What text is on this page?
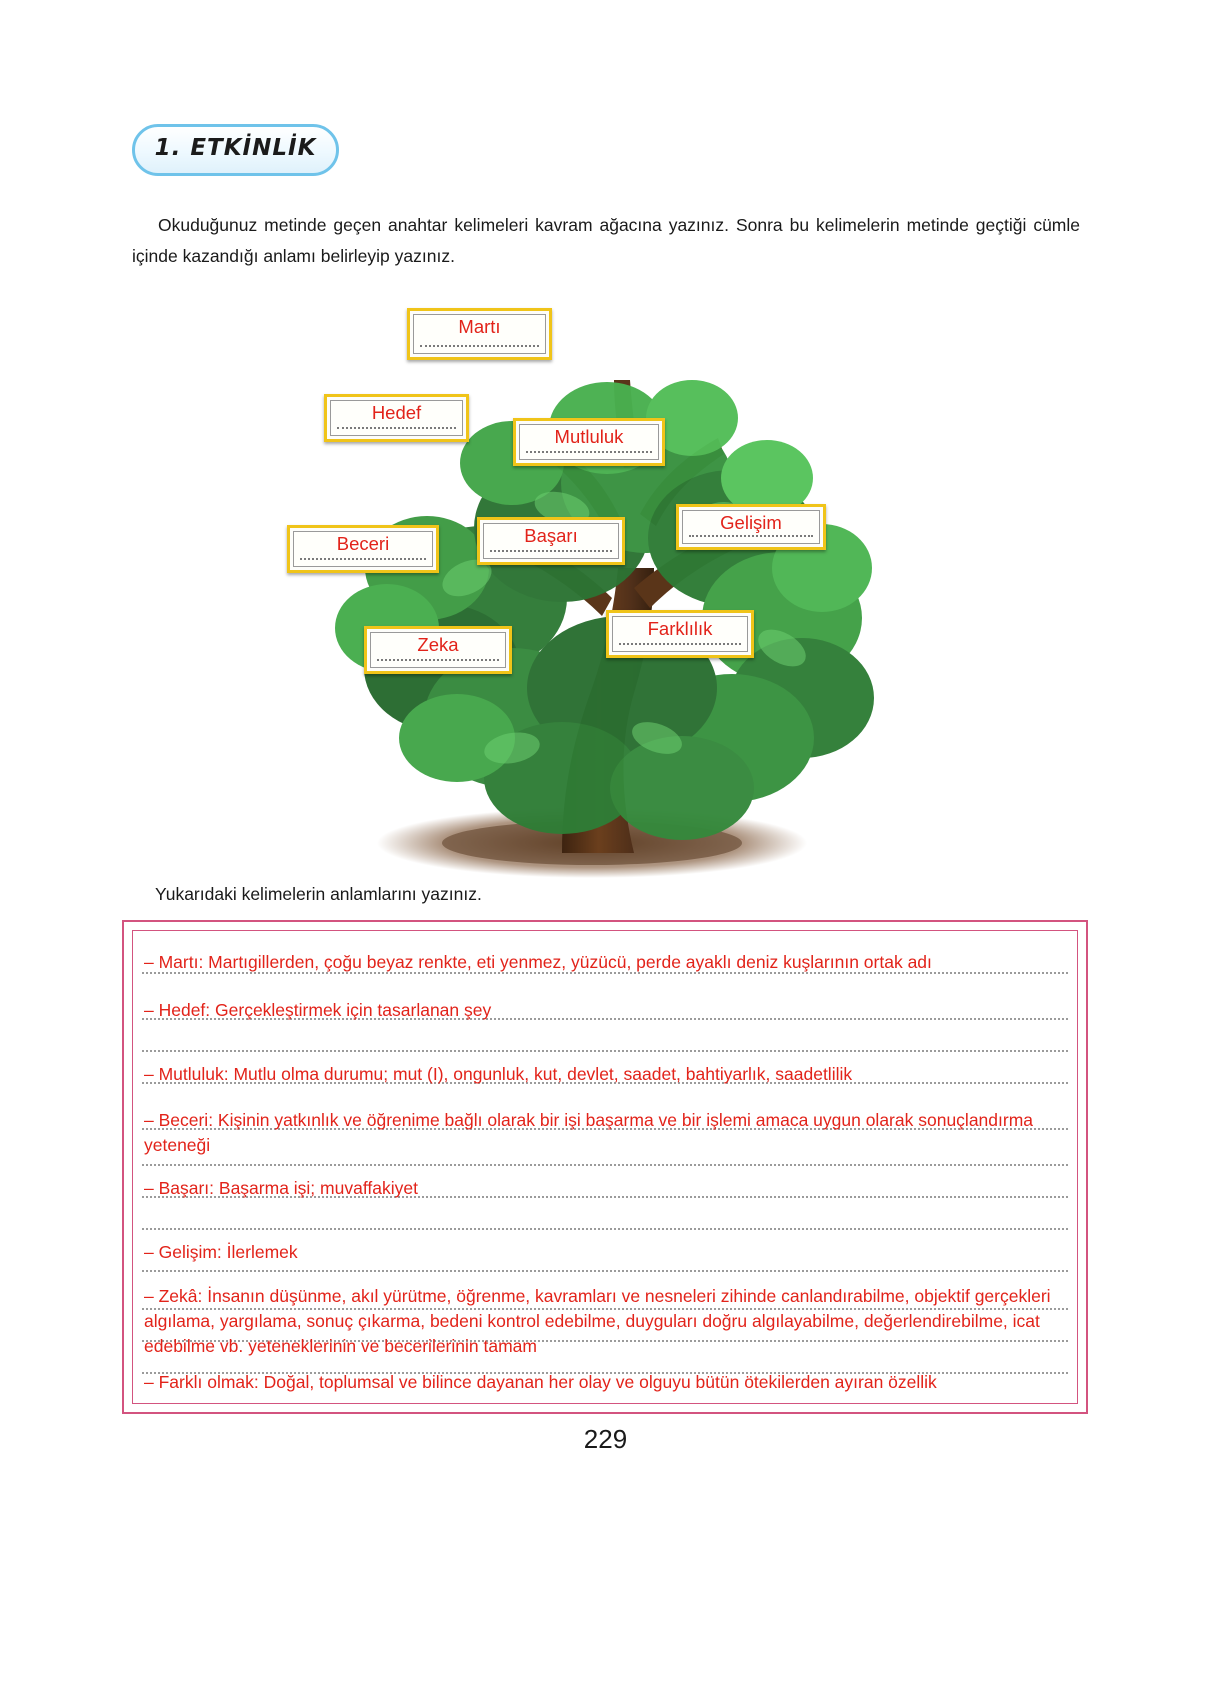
1. ETKİNLİK

Okuduğunuz metinde geçen anahtar kelimeleri kavram ağacına yazınız. Sonra bu kelimelerin metinde geçtiği cümle içinde kazandığı anlamı belirleyip yazınız.

Martı
Hedef
Mutluluk
Gelişim
Beceri	Başarı
Zeka
Farklılık
Yukarıdaki kelimelerin anlamlarını yazınız.
– Martı: Martıgillerden, çoğu beyaz renkte, eti yenmez, yüzücü, perde ayaklı deniz kuşlarının ortak adı
– Hedef: Gerçekleştirmek için tasarlanan şey
– Mutluluk: Mutlu olma durumu; mut (I), ongunluk, kut, devlet, saadet, bahtiyarlık, saadetlilik
– Beceri: Kişinin yatkınlık ve öğrenime bağlı olarak bir işi başarma ve bir işlemi amaca uygun olarak sonuçlandırma yeteneği
– Başarı: Başarma işi; muvaffakiyet
– Gelişim: İlerlemek
– Zekâ: İnsanın düşünme, akıl yürütme, öğrenme, kavramları ve nesneleri zihinde canlandırabilme, objektif gerçekleri algılama, yargılama, sonuç çıkarma, bedeni kontrol edebilme, duyguları doğru algılayabilme, değerlendirebilme, icat edebilme vb. yeteneklerinin ve becerilerinin tamam
– Farklı olmak: Doğal, toplumsal ve bilince dayanan her olay ve olguyu bütün ötekilerden ayıran özellik
229
